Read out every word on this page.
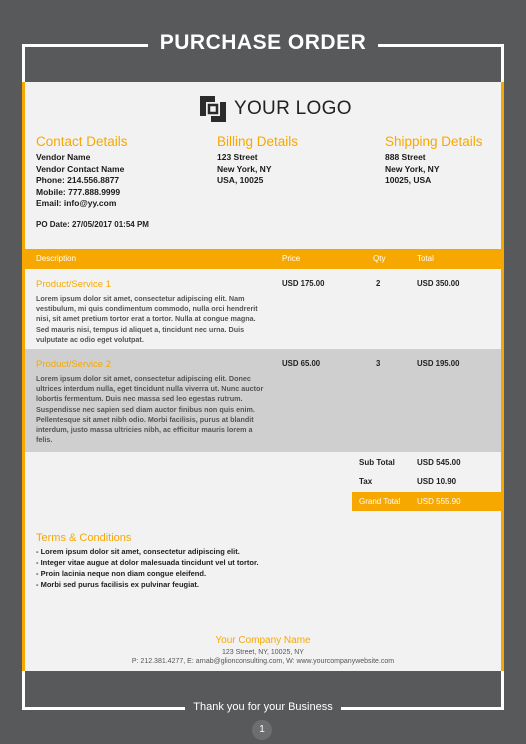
PURCHASE ORDER
YOUR LOGO
Contact Details
Vendor Name
Vendor Contact Name
Phone: 214.556.8877
Mobile: 777.888.9999
Email: info@yy.com
Billing Details
123 Street
New York, NY
USA, 10025
Shipping Details
888 Street
New York, NY
10025, USA
PO Date: 27/05/2017 01:54 PM
Description	Price	Qty	Total
Product/Service 1
Lorem ipsum dolor sit amet, consectetur adipiscing elit. Nam vestibulum, mi quis condimentum commodo, nulla orci hendrerit nisi, sit amet pretium tortor erat a tortor. Nulla at congue magna. Sed mauris nisi, tempus id aliquet a, tincidunt nec urna. Duis vulputate ac odio eget volutpat.
USD 175.00	2	USD 350.00
Product/Service 2
Lorem ipsum dolor sit amet, consectetur adipiscing elit. Donec ultrices interdum nulla, eget tincidunt nulla viverra ut. Nunc auctor lobortis fermentum. Duis nec massa sed leo egestas rutrum. Suspendisse nec sapien sed diam auctor finibus non quis enim. Pellentesque sit amet nibh odio. Morbi facilisis, purus at blandit interdum, justo massa ultricies nibh, ac efficitur mauris lorem a felis.
USD 65.00	3	USD 195.00
Sub Total	USD 545.00
Tax	USD 10.90
Grand Total USD 555.90
Terms & Conditions
- Lorem ipsum dolor sit amet, consectetur adipiscing elit.
- Integer vitae augue at dolor malesuada tincidunt vel ut tortor.
- Proin lacinia neque non diam congue eleifend.
- Morbi sed purus facilisis ex pulvinar feugiat.
Your Company Name
123 Street, NY, 10025, NY
P: 212.381.4277, E: arnab@glionconsulting.com, W: www.yourcompanywebsite.com
Thank you for your Business
1
